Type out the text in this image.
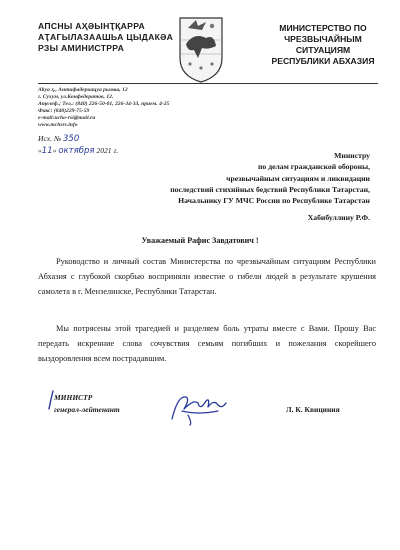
АПСНЫ АҲӘЫНҬҚАРРА
АҬАГЫЛАЗААШЬА ЦЫДАКӘА
РЗЫ АМИНИСТРРА
МИНИСТЕРСТВО ПО
ЧРЕЗВЫЧАЙНЫМ СИТУАЦИЯМ
РЕСПУБЛИКИ АБХАЗИЯ
Аҟуа ҳ., Антифадериацуа рымҩа, 12
г. Сухум, ул.Конфедератов, 12.
Аҭелеф.; Тел.: (840) 226-50-01, 226-34-33, прием. 4-25
Факс: (840)229-75-59
e-mail:ucho-rsi@mail.ru
www.mchsrs.info
Исх. № 350
«11» октября 2021 г.
Министру
по делам гражданской обороны,
чрезвычайным ситуациям и ликвидации
последствий стихийных бедствий Республики Татарстан,
Начальнику ГУ МЧС России по Республике Татарстан
Хабибуллину Р.Ф.
Уважаемый Рафис Завдатович !
Руководство и личный состав Министерства по чрезвычайным ситуациям Республики Абхазия с глубокой скорбью восприняли известие о гибели людей в результате крушения самолета в г. Мензелинске, Республики Татарстан.
Мы потрясены этой трагедией и разделяем боль утраты вместе с Вами. Прошу Вас передать искренние слова сочувствия семьям погибших и пожелания скорейшего выздоровления всем пострадавшим.
МИНИСТР
генерал-лейтенант	Л. К. Квициния
